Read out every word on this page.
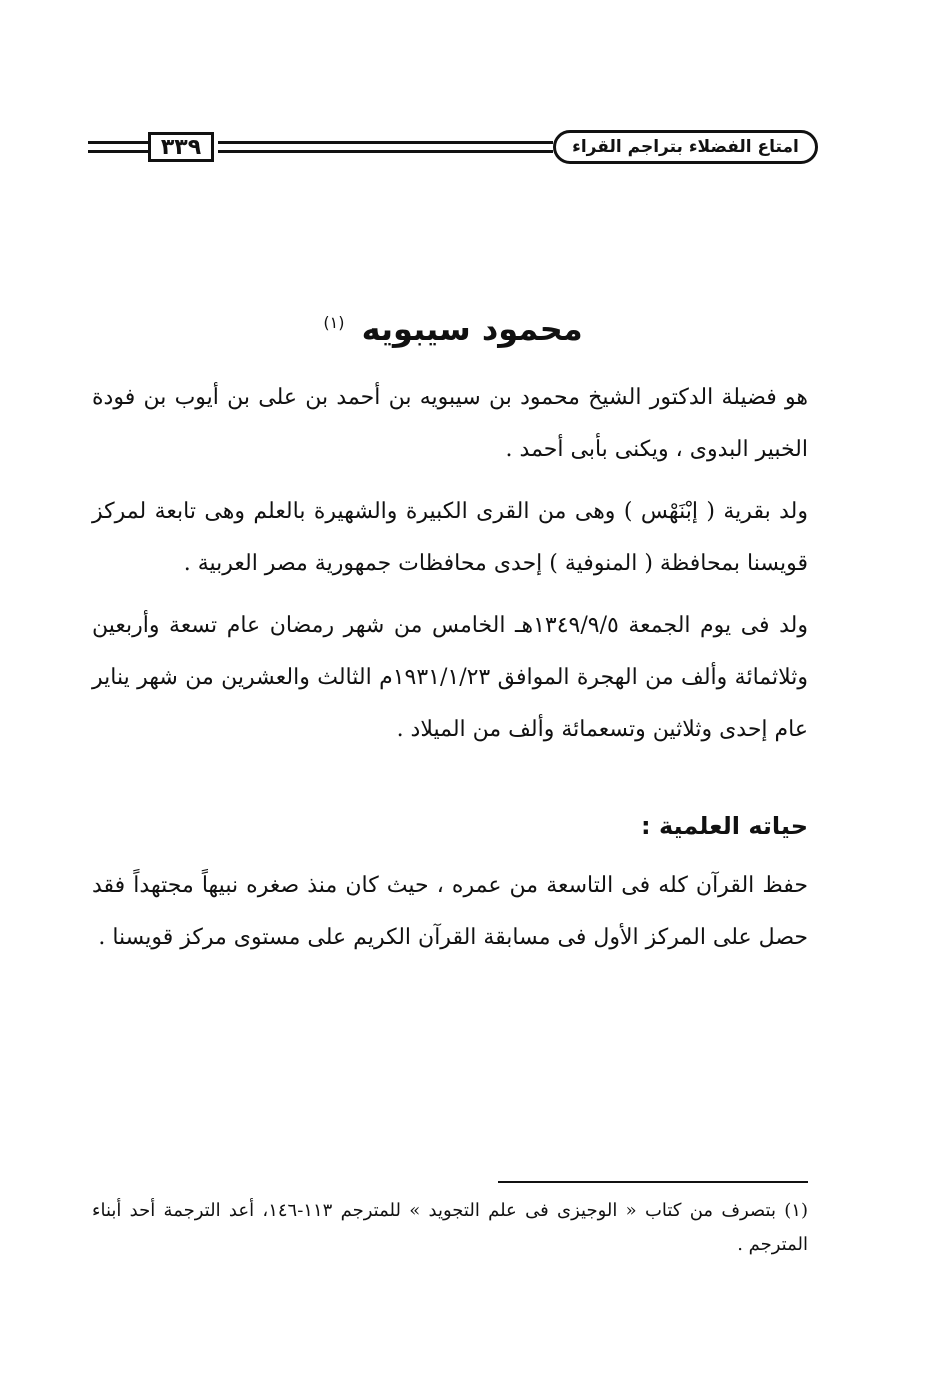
٣٣٩	امتاع الفضلاء بتراجم القراء
محمود سيبويه $^{(١)}$

هو فضيلة الدكتور الشيخ محمود بن سيبويه بن أحمد بن على بن أيوب بن فودة الخبير البدوى ، ويكنى بأبى أحمد .

ولد بقرية ( إبْنَهْس ) وهى من القرى الكبيرة والشهيرة بالعلم وهى تابعة لمركز قويسنا بمحافظة ( المنوفية ) إحدى محافظات جمهورية مصر العربية .

ولد فى يوم الجمعة ١٣٤٩/٩/٥هـ الخامس من شهر رمضان عام تسعة وأربعين وثلاثمائة وألف من الهجرة الموافق ١٩٣١/١/٢٣م الثالث والعشرين من شهر يناير عام إحدى وثلاثين وتسعمائة وألف من الميلاد .

حياته العلمية :

حفظ القرآن كله فى التاسعة من عمره ، حيث كان منذ صغره نبيهاً مجتهداً فقد حصل على المركز الأول فى مسابقة القرآن الكريم على مستوى مركز قويسنا .

(١) بتصرف من كتاب « الوجيزى فى علم التجويد » للمترجم ١١٣-١٤٦، أعد الترجمة أحد أبناء المترجم .
